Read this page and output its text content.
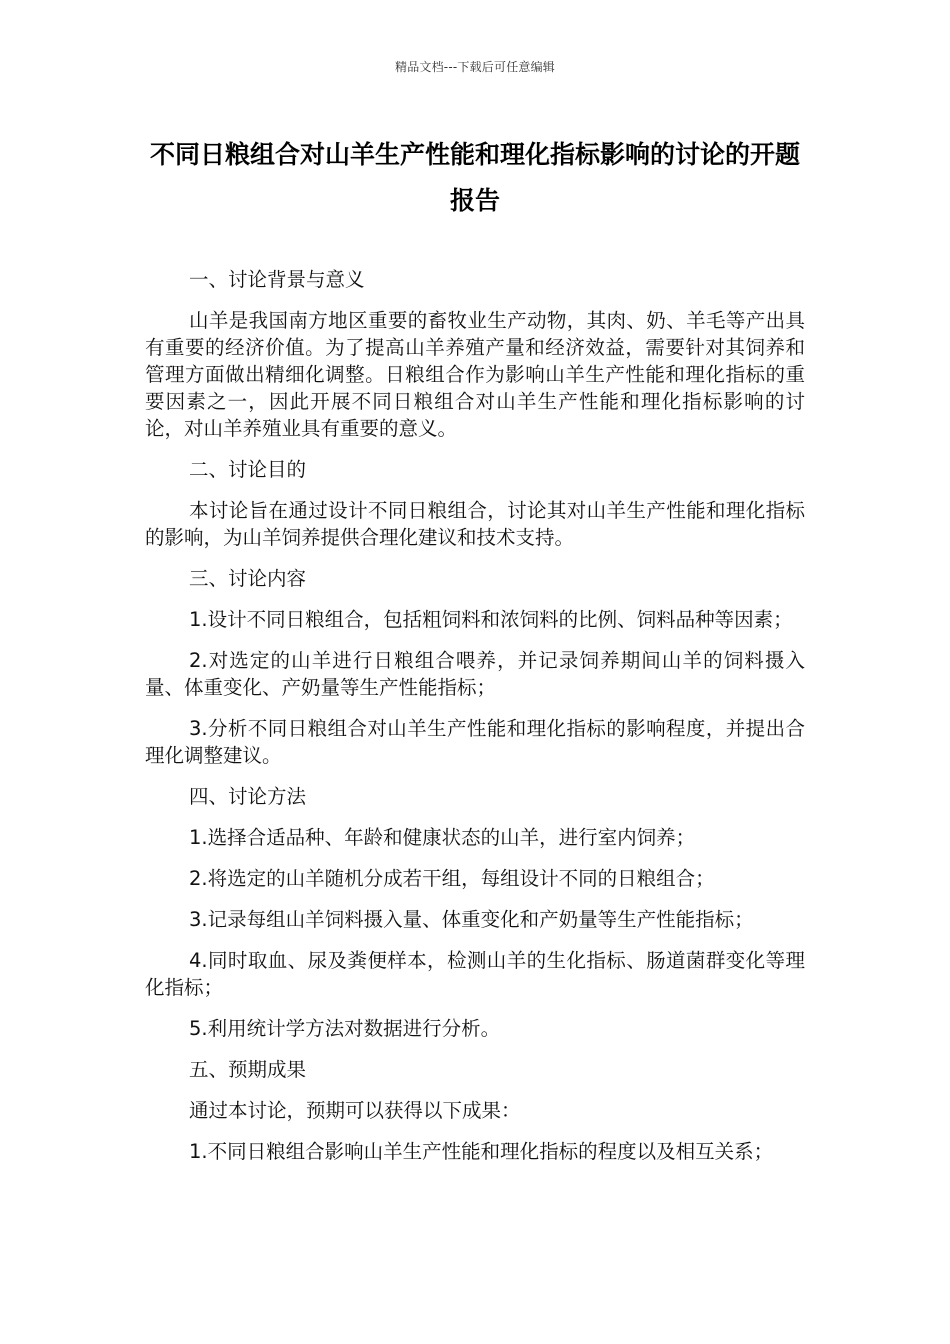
精品文档---下载后可任意编辑
不同日粮组合对山羊生产性能和理化指标影响的讨论的开题报告

一、讨论背景与意义

山羊是我国南方地区重要的畜牧业生产动物，其肉、奶、羊毛等产出具有重要的经济价值。为了提高山羊养殖产量和经济效益，需要针对其饲养和管理方面做出精细化调整。日粮组合作为影响山羊生产性能和理化指标的重要因素之一，因此开展不同日粮组合对山羊生产性能和理化指标影响的讨论，对山羊养殖业具有重要的意义。

二、讨论目的

本讨论旨在通过设计不同日粮组合，讨论其对山羊生产性能和理化指标的影响，为山羊饲养提供合理化建议和技术支持。

三、讨论内容

1.设计不同日粮组合，包括粗饲料和浓饲料的比例、饲料品种等因素；

2.对选定的山羊进行日粮组合喂养，并记录饲养期间山羊的饲料摄入量、体重变化、产奶量等生产性能指标；

3.分析不同日粮组合对山羊生产性能和理化指标的影响程度，并提出合理化调整建议。

四、讨论方法

1.选择合适品种、年龄和健康状态的山羊，进行室内饲养；

2.将选定的山羊随机分成若干组，每组设计不同的日粮组合；

3.记录每组山羊饲料摄入量、体重变化和产奶量等生产性能指标；

4.同时取血、尿及粪便样本，检测山羊的生化指标、肠道菌群变化等理化指标；

5.利用统计学方法对数据进行分析。

五、预期成果

通过本讨论，预期可以获得以下成果：

1.不同日粮组合影响山羊生产性能和理化指标的程度以及相互关系；
